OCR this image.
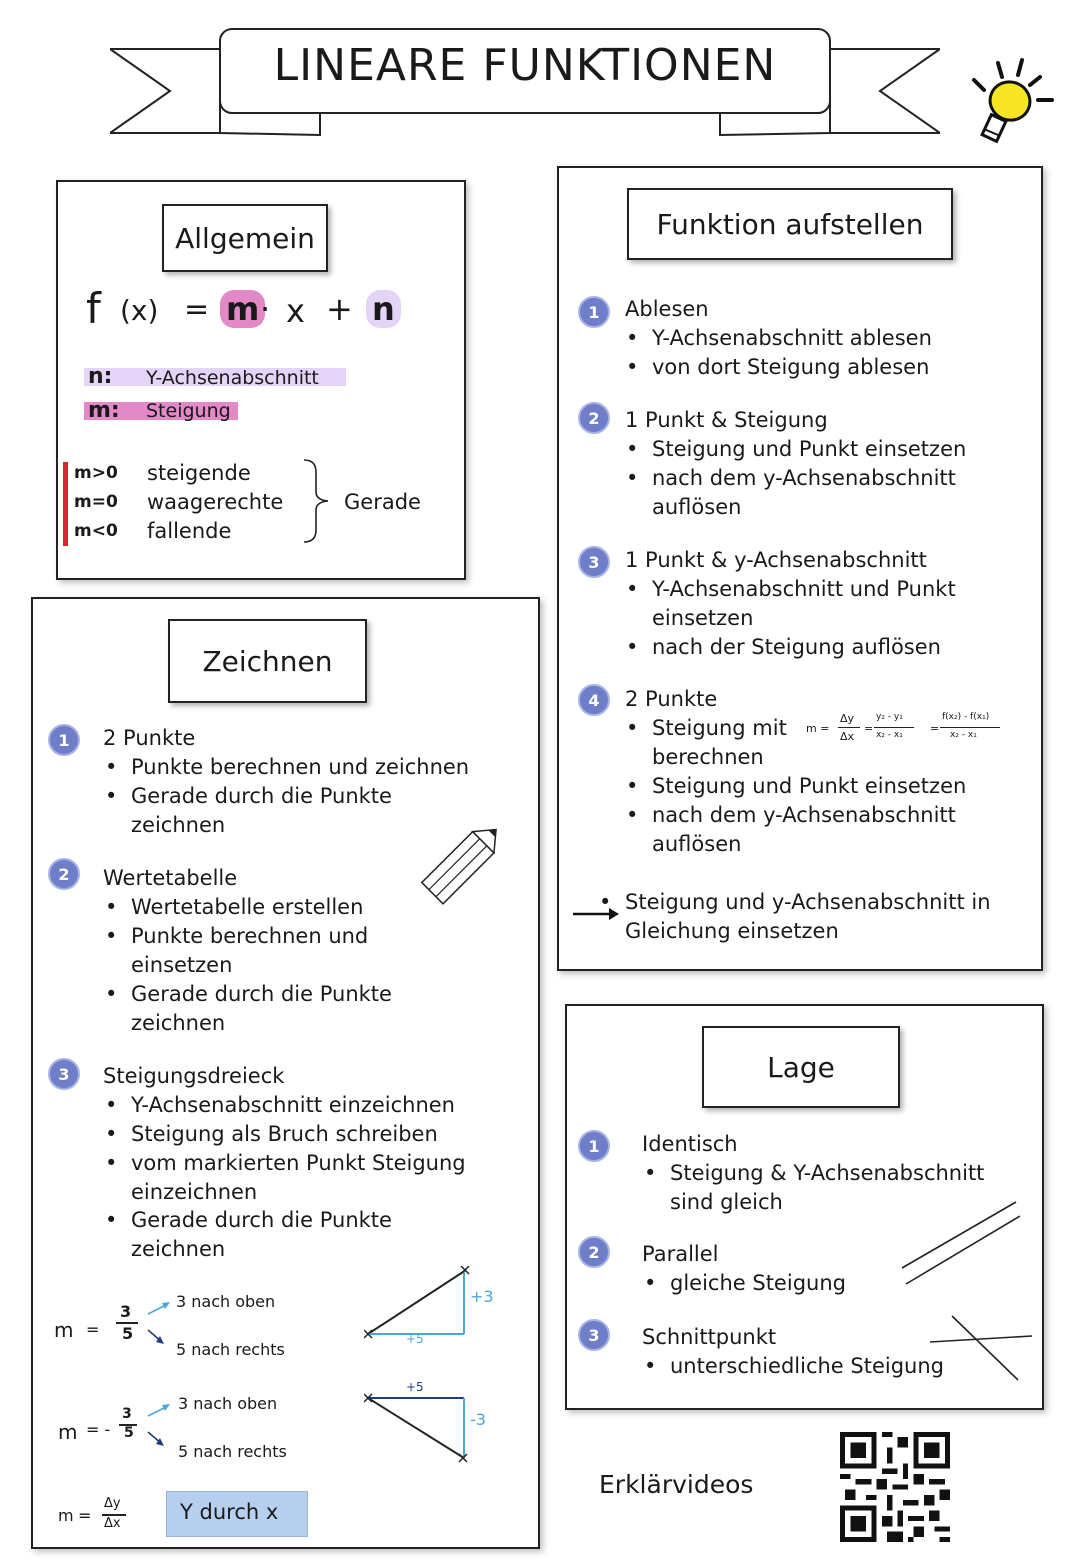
LINEARE FUNKTIONEN
Allgemein
f (x) = m · x + n
n: Y-Achsenabschnitt
m: Steigung
m>0 steigende
m=0 waagerechte
m<0 fallende
Gerade
Zeichnen
1	2 Punkte
• Punkte berechnen und zeichnen
• Gerade durch die Punkte zeichnen
2	Wertetabelle
• Wertetabelle erstellen
• Punkte berechnen und einsetzen
• Gerade durch die Punkte zeichnen
3	Steigungsdreieck
• Y-Achsenabschnitt einzeichnen
• Steigung als Bruch schreiben
• vom markierten Punkt Steigung einzeichnen
• Gerade durch die Punkte zeichnen
m =
3
5
3 nach oben
5 nach rechts
+3
+5
m = -
3
5
3 nach oben
5 nach rechts
-3
+5
m =
Δy
Δx	Y durch x
Funktion aufstellen
1	Ablesen
• Y-Achsenabschnitt ablesen
• von dort Steigung ablesen
2	1 Punkt & Steigung
• Steigung und Punkt einsetzen
• nach dem y-Achsenabschnitt auflösen
3	1 Punkt & y-Achsenabschnitt
• Y-Achsenabschnitt und Punkt einsetzen
• nach der Steigung auflösen
4	2 Punkte
• Steigung mit berechnen
• Steigung und Punkt einsetzen
• nach dem y-Achsenabschnitt auflösen
m =
Δy
Δx
=
y₂ - y₁
x₂ - x₁ =
f(x₂) - f(x₁)
x₂ - x₁
• Steigung und y-Achsenabschnitt in Gleichung einsetzen
Lage
1	Identisch
• Steigung & Y-Achsenabschnitt sind gleich
2	Parallel
• gleiche Steigung
3	Schnittpunkt
• unterschiedliche Steigung
Erklärvideos
